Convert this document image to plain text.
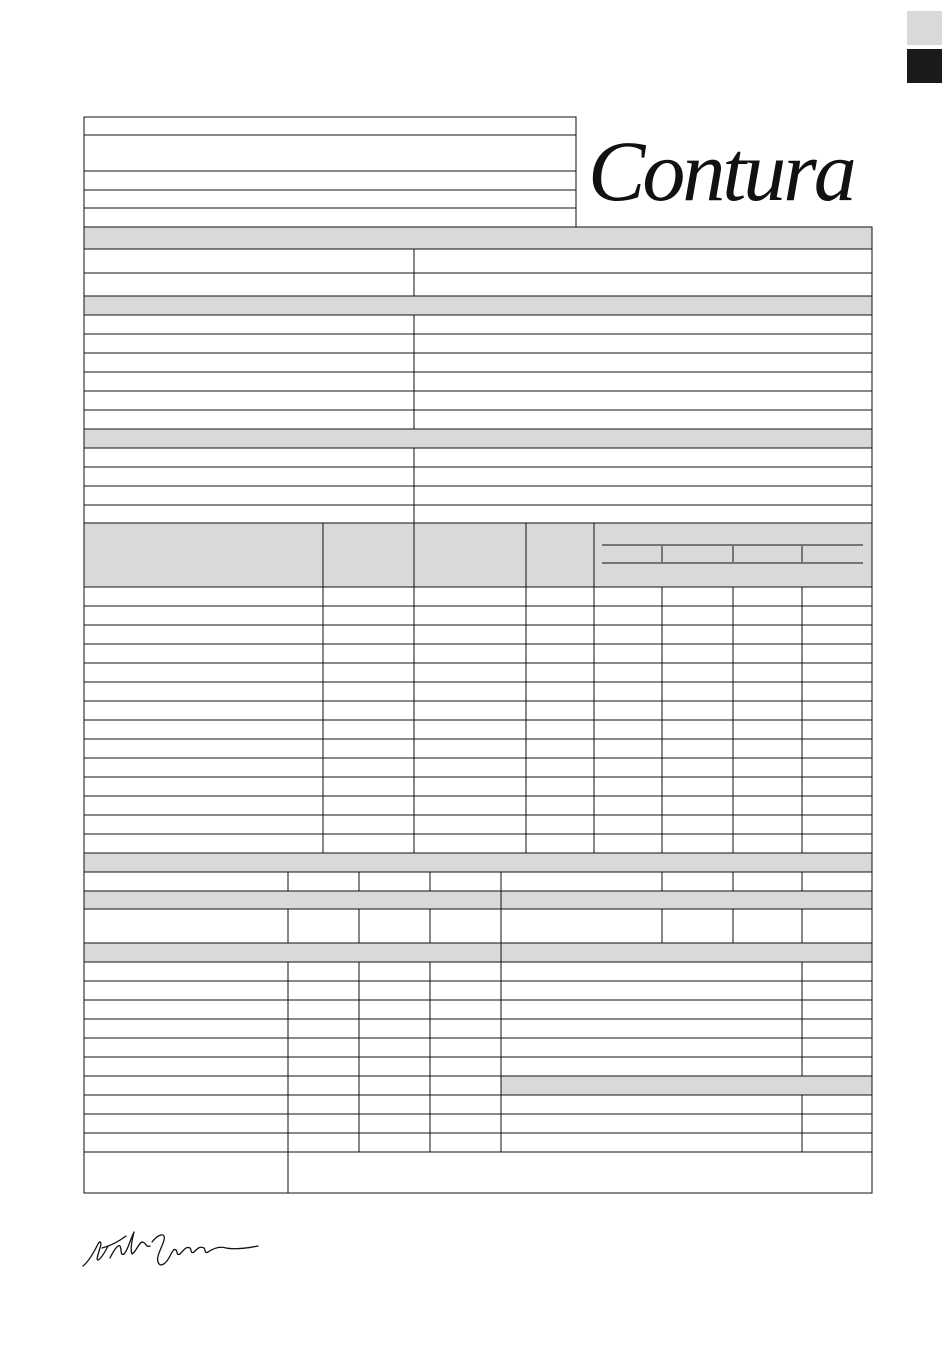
Contura
